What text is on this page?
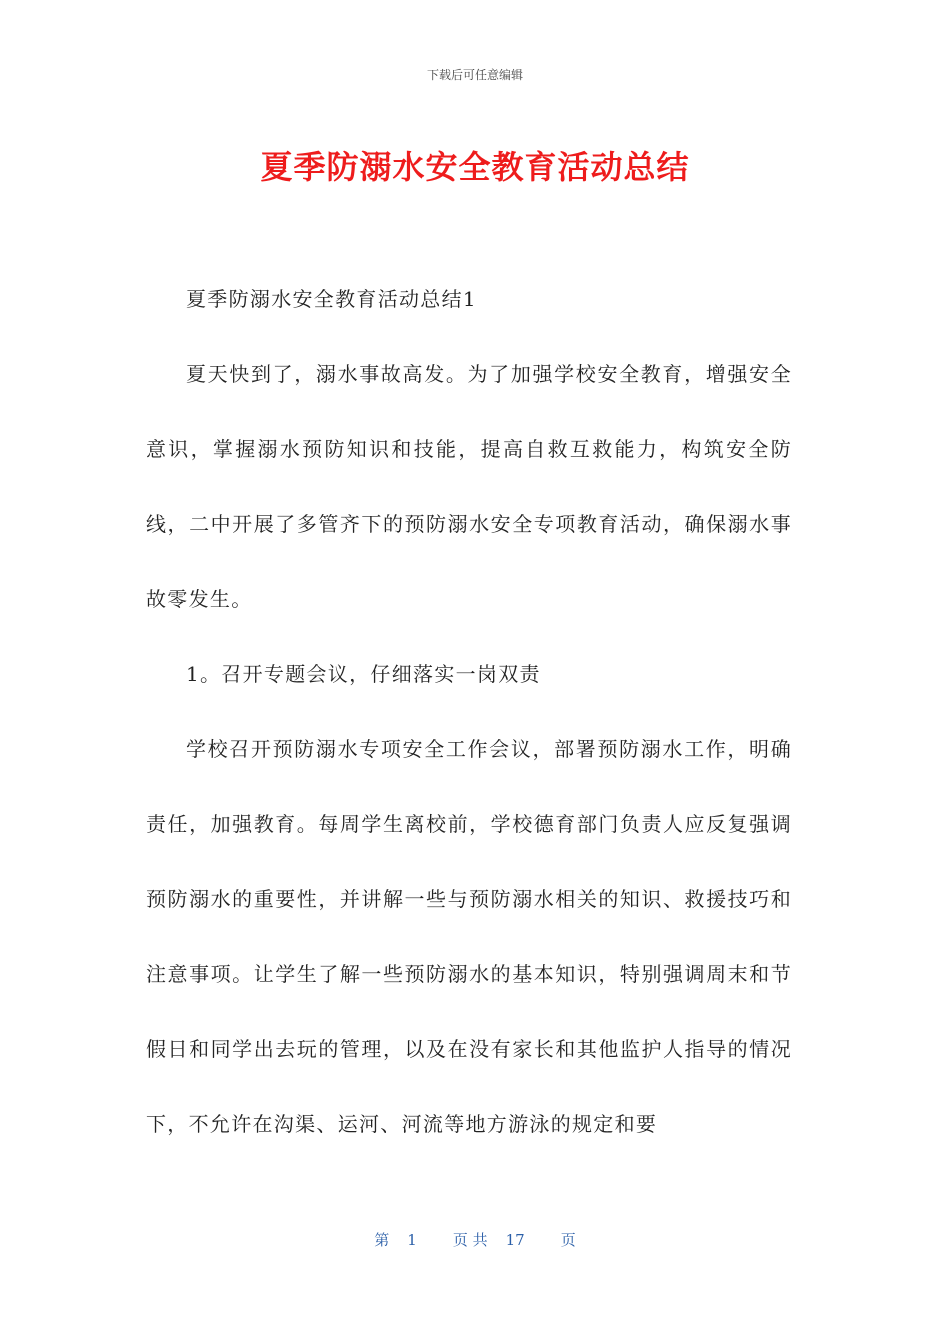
下载后可任意编辑
夏季防溺水安全教育活动总结

夏季防溺水安全教育活动总结1

夏天快到了，溺水事故高发。为了加强学校安全教育，增强安全意识，掌握溺水预防知识和技能，提高自救互救能力，构筑安全防线，二中开展了多管齐下的预防溺水安全专项教育活动，确保溺水事故零发生。

1。召开专题会议，仔细落实一岗双责

学校召开预防溺水专项安全工作会议，部署预防溺水工作，明确责任，加强教育。每周学生离校前，学校德育部门负责人应反复强调预防溺水的重要性，并讲解一些与预防溺水相关的知识、救援技巧和注意事项。让学生了解一些预防溺水的基本知识，特别强调周末和节假日和同学出去玩的管理，以及在没有家长和其他监护人指导的情况下，不允许在沟渠、运河、河流等地方游泳的规定和要

第 1 页 共 17 页
